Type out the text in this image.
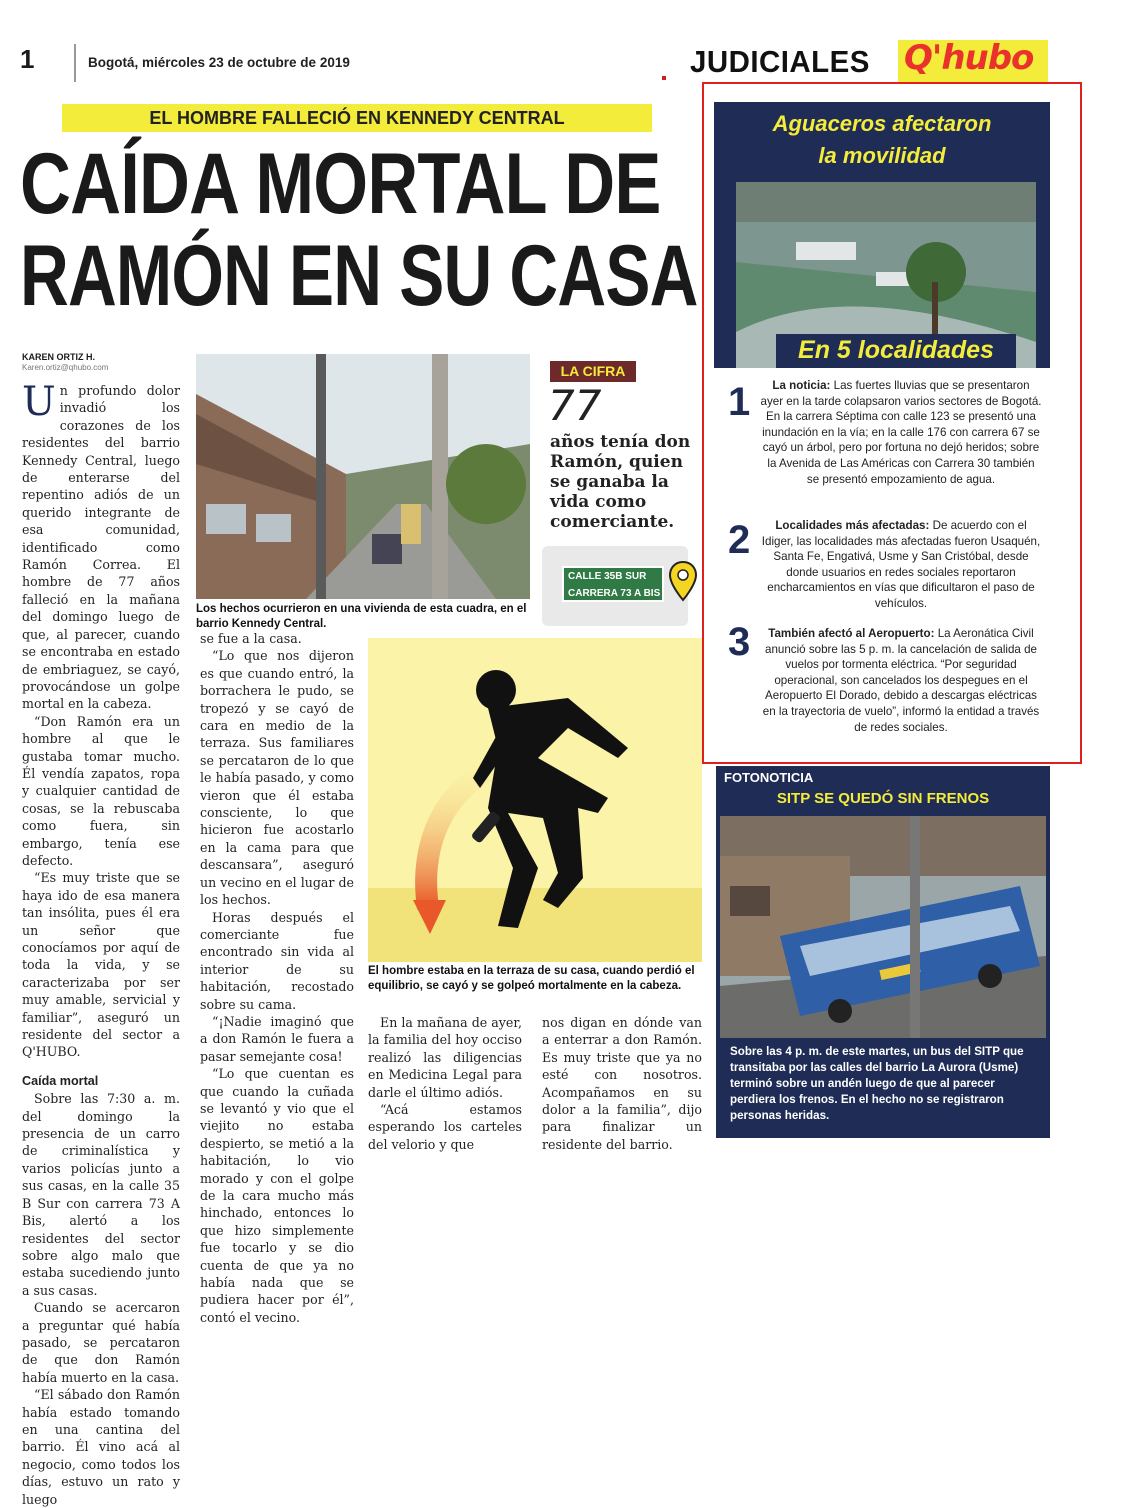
1	Bogotá, miércoles 23 de octubre de 2019	JUDICIALES Q'hubo
EL HOMBRE FALLECIÓ EN KENNEDY CENTRAL
CAÍDA MORTAL DE
RAMÓN EN SU CASA
KAREN ORTIZ H.
Karen.ortiz@qhubo.com

Un profundo dolor invadió los corazones de los residentes del barrio Kennedy Central, luego de enterarse del repentino adiós de un querido integrante de esa comunidad, identificado como Ramón Correa. El hombre de 77 años falleció en la mañana del domingo luego de que, al parecer, cuando se encontraba en estado de embriaguez, se cayó, provocándose un golpe mortal en la cabeza.

“Don Ramón era un hombre al que le gustaba tomar mucho. Él vendía zapatos, ropa y cualquier cantidad de cosas, se la rebuscaba como fuera, sin embargo, tenía ese defecto.

“Es muy triste que se haya ido de esa manera tan insólita, pues él era un señor que conocíamos por aquí de toda la vida, y se caracterizaba por ser muy amable, servicial y familiar”, aseguró un residente del sector a Q'HUBO.

Caída mortal

Sobre las 7:30 a. m. del domingo la presencia de un carro de criminalística y varios policías junto a sus casas, en la calle 35 B Sur con carrera 73 A Bis, alertó a los residentes del sector sobre algo malo que estaba sucediendo junto a sus casas.

Cuando se acercaron a preguntar qué había pasado, se percataron de que don Ramón había muerto en la casa.

“El sábado don Ramón había estado tomando en una cantina del barrio. Él vino acá al negocio, como todos los días, estuvo un rato y luego

Los hechos ocurrieron en una vivienda de esta cuadra, en el barrio Kennedy Central.
LA CIFRA
77
años tenía don Ramón, quien se ganaba la vida como comerciante.
CALLE 35B SUR
CARRERA 73 A BIS

se fue a la casa.

“Lo que nos dijeron es que cuando entró, la borrachera le pudo, se tropezó y se cayó de cara en medio de la terraza. Sus familiares se percataron de lo que le había pasado, y como vieron que él estaba consciente, lo que hicieron fue acostarlo en la cama para que descansara”, aseguró un vecino en el lugar de los hechos.

Horas después el comerciante fue encontrado sin vida al interior de su habitación, recostado sobre su cama.

“¡Nadie imaginó que a don Ramón le fuera a pasar semejante cosa!

“Lo que cuentan es que cuando la cuñada se levantó y vio que el viejito no estaba despierto, se metió a la habitación, lo vio morado y con el golpe de la cara mucho más hinchado, entonces lo que hizo simplemente fue tocarlo y se dio cuenta de que ya no había nada que se pudiera hacer por él”, contó el vecino.

El hombre estaba en la terraza de su casa, cuando perdió el equilibrio, se cayó y se golpeó mortalmente en la cabeza.

En la mañana de ayer, la familia del hoy occiso realizó las diligencias en Medicina Legal para darle el último adiós.

“Acá estamos esperando los carteles del velorio y que

nos digan en dónde van a enterrar a don Ramón. Es muy triste que ya no esté con nosotros. Acompañamos en su dolor a la familia”, dijo para finalizar un residente del barrio.

Aguaceros afectaron
la movilidad
En 5 localidades
1	La noticia: Las fuertes lluvias que se presentaron ayer en la tarde colapsaron varios sectores de Bogotá. En la carrera Séptima con calle 123 se presentó una inundación en la vía; en la calle 176 con carrera 67 se cayó un árbol, pero por fortuna no dejó heridos; sobre la Avenida de Las Américas con Carrera 30 también se presentó empozamiento de agua.
2	Localidades más afectadas: De acuerdo con el Idiger, las localidades más afectadas fueron Usaquén, Santa Fe, Engativá, Usme y San Cristóbal, desde donde usuarios en redes sociales reportaron encharcamientos en vías que dificultaron el paso de vehículos.
3	También afectó al Aeropuerto: La Aeronática Civil anunció sobre las 5 p. m. la cancelación de salida de vuelos por tormenta eléctrica. “Por seguridad operacional, son cancelados los despegues en el Aeropuerto El Dorado, debido a descargas eléctricas en la trayectoria de vuelo”, informó la entidad a través de redes sociales.
FOTONOTICIA
SITP SE QUEDÓ SIN FRENOS
Sobre las 4 p. m. de este martes, un bus del SITP que transitaba por las calles del barrio La Aurora (Usme) terminó sobre un andén luego de que al parecer perdiera los frenos. En el hecho no se registraron personas heridas.
